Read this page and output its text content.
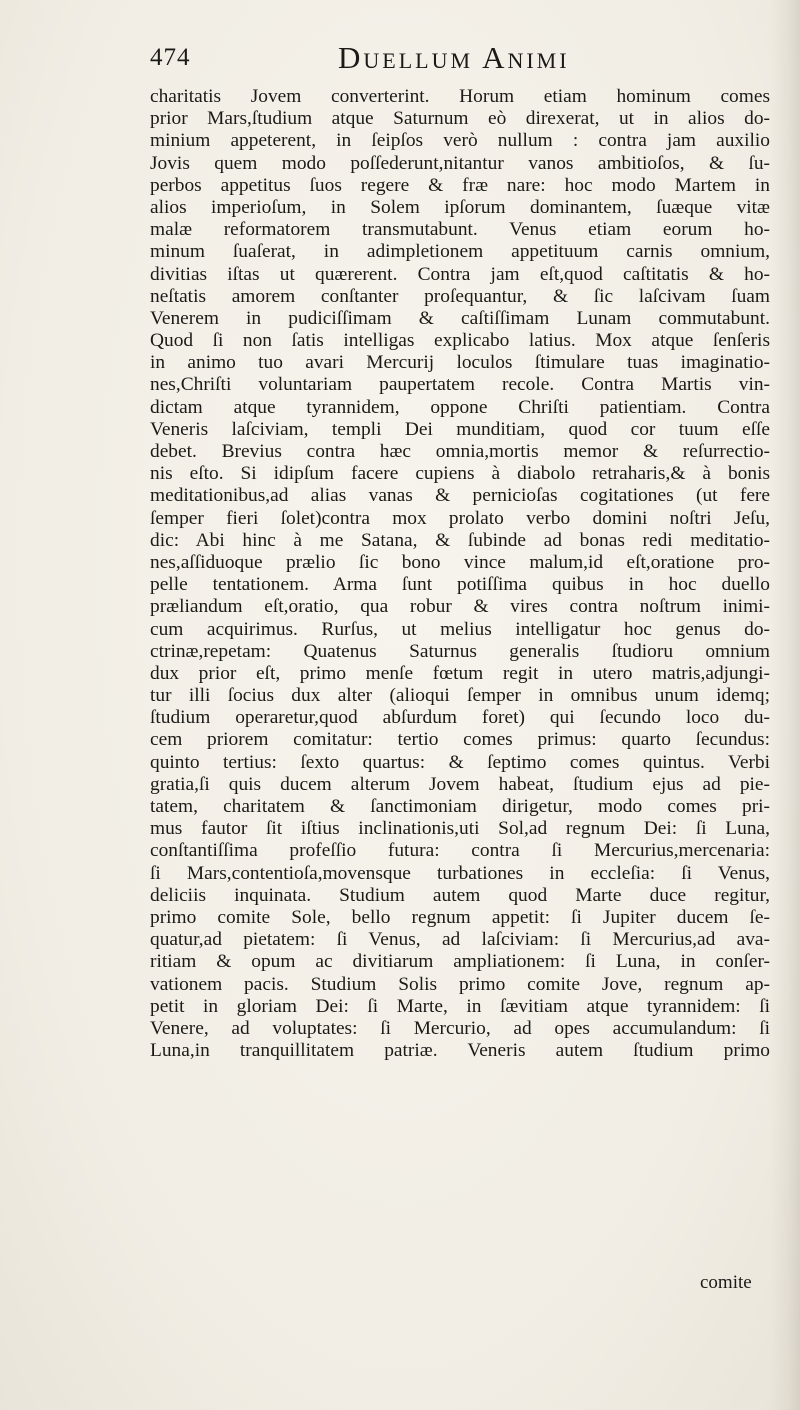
474	Duellum Animi
charitatis Jovem converterint. Horum etiam hominum comes
prior Mars,ſtudium atque Saturnum eò direxerat, ut in alios do-
minium appeterent, in ſeipſos verò nullum : contra jam auxilio
Jovis quem modo poſſederunt,nitantur vanos ambitioſos, & ſu-
perbos appetitus ſuos regere & fræ nare: hoc modo Martem in
alios imperioſum, in Solem ipſorum dominantem, ſuæque vitæ
malæ reformatorem transmutabunt. Venus etiam eorum ho-
minum ſuaſerat, in adimpletionem appetituum carnis omnium,
divitias iſtas ut quærerent. Contra jam eſt,quod caſtitatis & ho-
neſtatis amorem conſtanter proſequantur, & ſic laſcivam ſuam
Venerem in pudiciſſimam & caſtiſſimam Lunam commutabunt.
Quod ſi non ſatis intelligas explicabo latius. Mox atque ſenſeris
in animo tuo avari Mercurij loculos ſtimulare tuas imaginatio-
nes,Chriſti voluntariam paupertatem recole. Contra Martis vin-
dictam atque tyrannidem, oppone Chriſti patientiam. Contra
Veneris laſciviam, templi Dei munditiam, quod cor tuum eſſe
debet. Brevius contra hæc omnia,mortis memor & reſurrectio-
nis eſto. Si idipſum facere cupiens à diabolo retraharis,& à bonis
meditationibus,ad alias vanas & pernicioſas cogitationes (ut fere
ſemper fieri ſolet)contra mox prolato verbo domini noſtri Jeſu,
dic: Abi hinc à me Satana, & ſubinde ad bonas redi meditatio-
nes,aſſiduoque prælio ſic bono vince malum,id eſt,oratione pro-
pelle tentationem. Arma ſunt potiſſima quibus in hoc duello
præliandum eſt,oratio, qua robur & vires contra noſtrum inimi-
cum acquirimus. Rurſus, ut melius intelligatur hoc genus do-
ctrinæ,repetam: Quatenus Saturnus generalis ſtudioru omnium
dux prior eſt, primo menſe fœtum regit in utero matris,adjungi-
tur illi ſocius dux alter (alioqui ſemper in omnibus unum idemq;
ſtudium operaretur,quod abſurdum foret) qui ſecundo loco du-
cem priorem comitatur: tertio comes primus: quarto ſecundus:
quinto tertius: ſexto quartus: & ſeptimo comes quintus. Verbi
gratia,ſi quis ducem alterum Jovem habeat, ſtudium ejus ad pie-
tatem, charitatem & ſanctimoniam dirigetur, modo comes pri-
mus fautor ſit iſtius inclinationis,uti Sol,ad regnum Dei: ſi Luna,
conſtantiſſima profeſſio futura: contra ſi Mercurius,mercenaria:
ſi Mars,contentioſa,movensque turbationes in eccleſia: ſi Venus,
deliciis inquinata. Studium autem quod Marte duce regitur,
primo comite Sole, bello regnum appetit: ſi Jupiter ducem ſe-
quatur,ad pietatem: ſi Venus, ad laſciviam: ſi Mercurius,ad ava-
ritiam & opum ac divitiarum ampliationem: ſi Luna, in conſer-
vationem pacis. Studium Solis primo comite Jove, regnum ap-
petit in gloriam Dei: ſi Marte, in ſævitiam atque tyrannidem: ſi
Venere, ad voluptates: ſi Mercurio, ad opes accumulandum: ſi
Luna,in tranquillitatem patriæ. Veneris autem ſtudium primo
comite
